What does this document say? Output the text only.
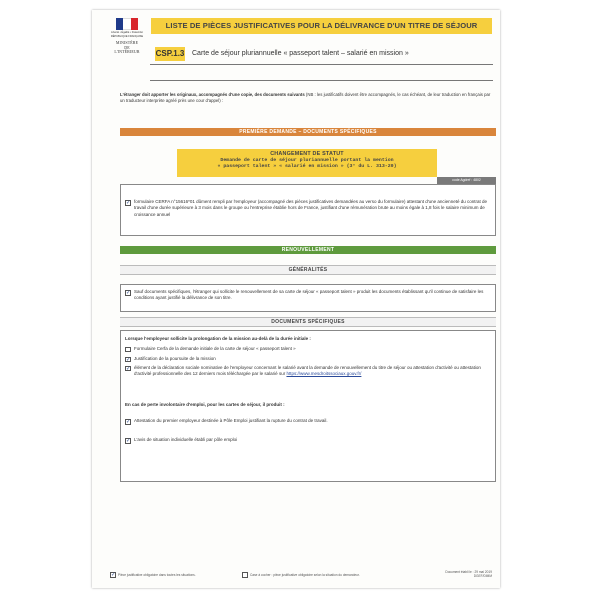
Liberté • Égalité • Fraternité
RÉPUBLIQUE FRANÇAISE
MINISTÈRE
DE
L'INTÉRIEUR
LISTE DE PIÈCES JUSTIFICATIVES POUR LA DÉLIVRANCE D'UN TITRE DE SÉJOUR
CSP.1.3 Carte de séjour pluriannuelle « passeport talent – salarié en mission »
L'étranger doit apporter les originaux, accompagnés d'une copie, des documents suivants (NB : les justificatifs doivent être accompagnés, le cas échéant, de leur traduction en français par un traducteur interprète agréé près une cour d'appel) :
PREMIÈRE DEMANDE – DOCUMENTS SPÉCIFIQUES
CHANGEMENT DE STATUT
Demande de carte de séjour pluriannuelle portant la mention
« passeport talent » « salarié en mission » (3° du L. 313-20)
code Agdref : 4802
✓ formulaire CERFA n°15616*01 dûment rempli par l'employeur (accompagné des pièces justificatives demandées au verso du formulaire) attestant d'une ancienneté du contrat de travail d'une durée supérieure à 3 mois dans le groupe ou l'entreprise établie hors de France, justifiant d'une rémunération brute au moins égale à 1,8 fois le salaire minimum de croissance annuel
RENOUVELLEMENT
GÉNÉRALITÉS
✓ Sauf documents spécifiques, l'étranger qui sollicite le renouvellement de sa carte de séjour « passeport talent » produit les documents établissant qu'il continue de satisfaire les conditions ayant justifié la délivrance de son titre.
DOCUMENTS SPÉCIFIQUES
Lorsque l'employeur sollicite la prolongation de la mission au-delà de la durée initiale :
Formulaire Cerfa de la demande initiale de la carte de séjour « passeport talent »
✓ Justification de la poursuite de la mission
✓ élément de la déclaration sociale nominative de l'employeur concernant le salarié avant la demande de renouvellement du titre de séjour ou attestation d'activité ou attestation d'activité professionnelle des 12 derniers mois téléchargée par le salarié sur https://www.mesdroitssociaux.gouv.fr/
En cas de perte involontaire d'emploi, pour les cartes de séjour, il produit :
✓ Attestation du premier employeur destinée à Pôle Emploi justifiant la rupture du contrat de travail.
✓ L'avis de situation individuelle établi par pôle emploi
✓ Pièce justificative obligatoire dans toutes les situations.	Case à cocher : pièce justificative obligatoire selon la situation du demandeur.
Document établi le : 29 mai 2019
DGEF/DIMM
